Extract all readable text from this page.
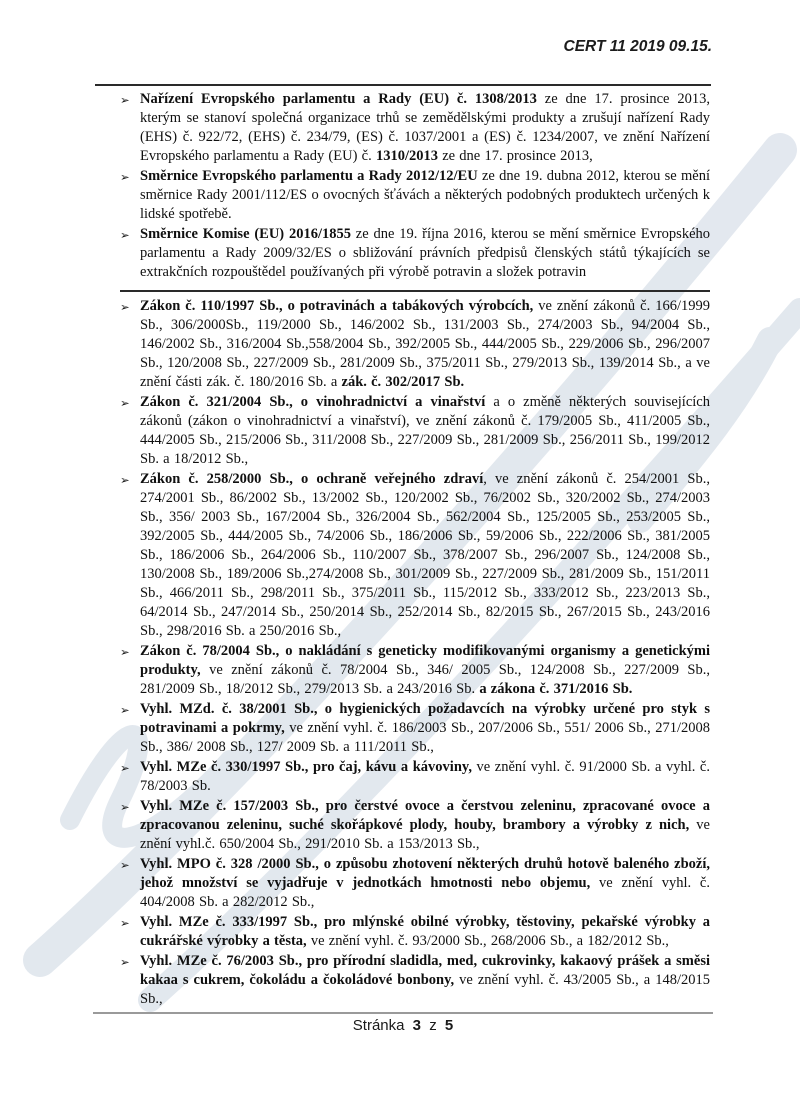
CERT 11 2019 09.15.
➢ Nařízení Evropského parlamentu a Rady (EU) č. 1308/2013 ze dne 17. prosince 2013, kterým se stanoví společná organizace trhů se zemědělskými produkty a zrušují nařízení Rady (EHS) č. 922/72, (EHS) č. 234/79, (ES) č. 1037/2001 a (ES) č. 1234/2007, ve znění Nařízení Evropského parlamentu a Rady (EU) č. 1310/2013 ze dne 17. prosince 2013,
➢ Směrnice Evropského parlamentu a Rady 2012/12/EU ze dne 19. dubna 2012, kterou se mění směrnice Rady 2001/112/ES o ovocných šťávách a některých podobných produktech určených k lidské spotřebě.
➢ Směrnice Komise (EU) 2016/1855 ze dne 19. října 2016, kterou se mění směrnice Evropského parlamentu a Rady 2009/32/ES o sbližování právních předpisů členských států týkajících se extrakčních rozpouštědel používaných při výrobě potravin a složek potravin
➢ Zákon č. 110/1997 Sb., o potravinách a tabákových výrobcích, ve znění zákonů č. 166/1999 Sb., 306/2000Sb., 119/2000 Sb., 146/2002 Sb., 131/2003 Sb., 274/2003 Sb., 94/2004 Sb., 146/2002 Sb., 316/2004 Sb.,558/2004 Sb., 392/2005 Sb., 444/2005 Sb., 229/2006 Sb., 296/2007 Sb., 120/2008 Sb., 227/2009 Sb., 281/2009 Sb., 375/2011 Sb., 279/2013 Sb., 139/2014 Sb., a ve znění části zák. č. 180/2016 Sb. a zák. č. 302/2017 Sb.
➢ Zákon č. 321/2004 Sb., o vinohradnictví a vinařství a o změně některých souvisejících zákonů (zákon o vinohradnictví a vinařství), ve znění zákonů č. 179/2005 Sb., 411/2005 Sb., 444/2005 Sb., 215/2006 Sb., 311/2008 Sb., 227/2009 Sb., 281/2009 Sb., 256/2011 Sb., 199/2012 Sb. a 18/2012 Sb.,
➢ Zákon č. 258/2000 Sb., o ochraně veřejného zdraví, ve znění zákonů č. 254/2001 Sb., 274/2001 Sb., 86/2002 Sb., 13/2002 Sb., 120/2002 Sb., 76/2002 Sb., 320/2002 Sb., 274/2003 Sb., 356/ 2003 Sb., 167/2004 Sb., 326/2004 Sb., 562/2004 Sb., 125/2005 Sb., 253/2005 Sb., 392/2005 Sb., 444/2005 Sb., 74/2006 Sb., 186/2006 Sb., 59/2006 Sb., 222/2006 Sb., 381/2005 Sb., 186/2006 Sb., 264/2006 Sb., 110/2007 Sb., 378/2007 Sb., 296/2007 Sb., 124/2008 Sb., 130/2008 Sb., 189/2006 Sb.,274/2008 Sb., 301/2009 Sb., 227/2009 Sb., 281/2009 Sb., 151/2011 Sb., 466/2011 Sb., 298/2011 Sb., 375/2011 Sb., 115/2012 Sb., 333/2012 Sb., 223/2013 Sb., 64/2014 Sb., 247/2014 Sb., 250/2014 Sb., 252/2014 Sb., 82/2015 Sb., 267/2015 Sb., 243/2016 Sb., 298/2016 Sb. a 250/2016 Sb.,
➢ Zákon č. 78/2004 Sb., o nakládání s geneticky modifikovanými organismy a genetickými produkty, ve znění zákonů č. 78/2004 Sb., 346/ 2005 Sb., 124/2008 Sb., 227/2009 Sb., 281/2009 Sb., 18/2012 Sb., 279/2013 Sb. a 243/2016 Sb. a zákona č. 371/2016 Sb.
➢ Vyhl. MZd. č. 38/2001 Sb., o hygienických požadavcích na výrobky určené pro styk s potravinami a pokrmy, ve znění vyhl. č. 186/2003 Sb., 207/2006 Sb., 551/ 2006 Sb., 271/2008 Sb., 386/ 2008 Sb., 127/ 2009 Sb. a 111/2011 Sb.,
➢ Vyhl. MZe č. 330/1997 Sb., pro čaj, kávu a kávoviny, ve znění vyhl. č. 91/2000 Sb. a vyhl. č. 78/2003 Sb.
➢ Vyhl. MZe č. 157/2003 Sb., pro čerstvé ovoce a čerstvou zeleninu, zpracované ovoce a zpracovanou zeleninu, suché skořápkové plody, houby, brambory a výrobky z nich, ve znění vyhl.č. 650/2004 Sb., 291/2010 Sb. a 153/2013 Sb.,
➢ Vyhl. MPO č. 328 /2000 Sb., o způsobu zhotovení některých druhů hotově baleného zboží, jehož množství se vyjadřuje v jednotkách hmotnosti nebo objemu, ve znění vyhl. č. 404/2008 Sb. a 282/2012 Sb.,
➢ Vyhl. MZe č. 333/1997 Sb., pro mlýnské obilné výrobky, těstoviny, pekařské výrobky a cukrářské výrobky a těsta, ve znění vyhl. č. 93/2000 Sb., 268/2006 Sb., a 182/2012 Sb.,
➢ Vyhl. MZe č. 76/2003 Sb., pro přírodní sladidla, med, cukrovinky, kakaový prášek a směsi kakaa s cukrem, čokoládu a čokoládové bonbony, ve znění vyhl. č. 43/2005 Sb., a 148/2015 Sb.,
Stránka 3 z 5
